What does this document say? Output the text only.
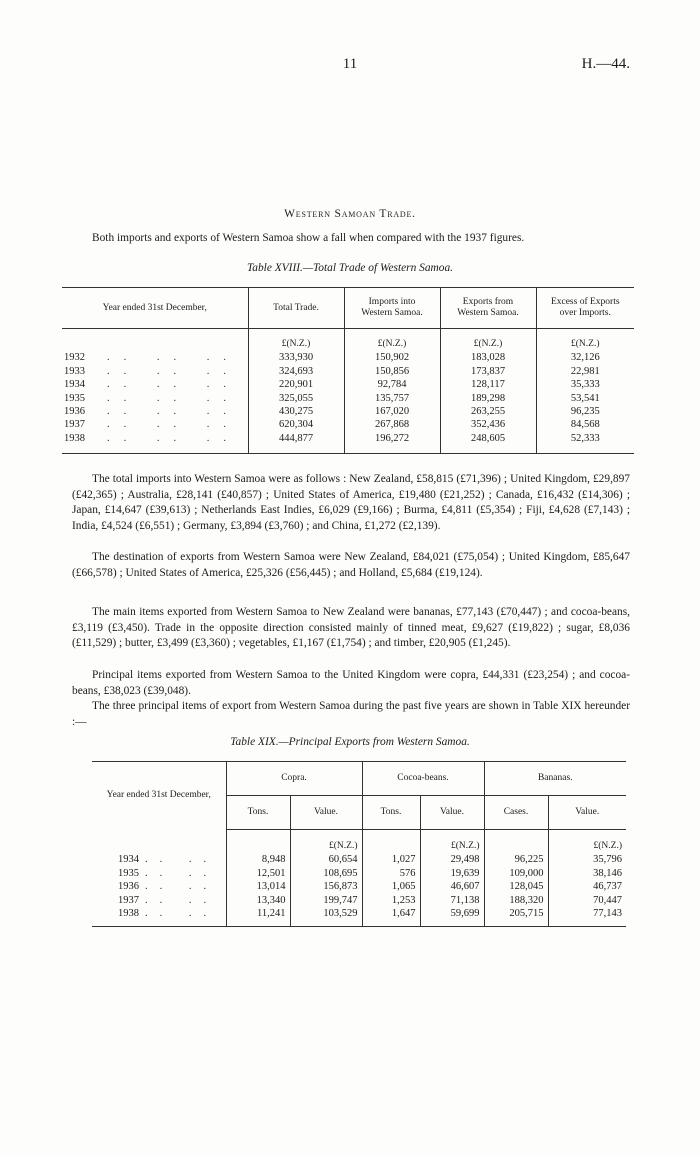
11	H.—44.
Western Samoan Trade.
Both imports and exports of Western Samoa show a fall when compared with the 1937 figures.
Table XVIII.—Total Trade of Western Samoa.
Year ended 31st December,	Total Trade.	Imports into Western Samoa.	Exports from Western Samoa.	Excess of Exports over Imports.
	£(N.Z.)	£(N.Z.)	£(N.Z.)	£(N.Z.)
1932 .. .. ..	333,930	150,902	183,028	32,126
1933 .. .. ..	324,693	150,856	173,837	22,981
1934 .. .. ..	220,901	92,784	128,117	35,333
1935 .. .. ..	325,055	135,757	189,298	53,541
1936 .. .. ..	430,275	167,020	263,255	96,235
1937 .. .. ..	620,304	267,868	352,436	84,568
1938 .. .. ..	444,877	196,272	248,605	52,333
The total imports into Western Samoa were as follows : New Zealand, £58,815 (£71,396) ; United Kingdom, £29,897 (£42,365) ; Australia, £28,141 (£40,857) ; United States of America, £19,480 (£21,252) ; Canada, £16,432 (£14,306) ; Japan, £14,647 (£39,613) ; Netherlands East Indies, £6,029 (£9,166) ; Burma, £4,811 (£5,354) ; Fiji, £4,628 (£7,143) ; India, £4,524 (£6,551) ; Germany, £3,894 (£3,760) ; and China, £1,272 (£2,139).
The destination of exports from Western Samoa were New Zealand, £84,021 (£75,054) ; United Kingdom, £85,647 (£66,578) ; United States of America, £25,326 (£56,445) ; and Holland, £5,684 (£19,124).
The main items exported from Western Samoa to New Zealand were bananas, £77,143 (£70,447) ; and cocoa-beans, £3,119 (£3,450). Trade in the opposite direction consisted mainly of tinned meat, £9,627 (£19,822) ; sugar, £8,036 (£11,529) ; butter, £3,499 (£3,360) ; vegetables, £1,167 (£1,754) ; and timber, £20,905 (£1,245).
Principal items exported from Western Samoa to the United Kingdom were copra, £44,331 (£23,254) ; and cocoa-beans, £38,023 (£39,048).
The three principal items of export from Western Samoa during the past five years are shown in Table XIX hereunder :—
Table XIX.—Principal Exports from Western Samoa.
Year ended 31st December,	Copra.		Cocoa-beans.		Bananas.	
	Tons.	Value.	Tons.	Value.	Cases.	Value.
		£(N.Z.)		£(N.Z.)		£(N.Z.)
1934 .. ..	8,948	60,654	1,027	29,498	96,225	35,796
1935 .. ..	12,501	108,695	576	19,639	109,000	38,146
1936 .. ..	13,014	156,873	1,065	46,607	128,045	46,737
1937 .. ..	13,340	199,747	1,253	71,138	188,320	70,447
1938 .. ..	11,241	103,529	1,647	59,699	205,715	77,143
